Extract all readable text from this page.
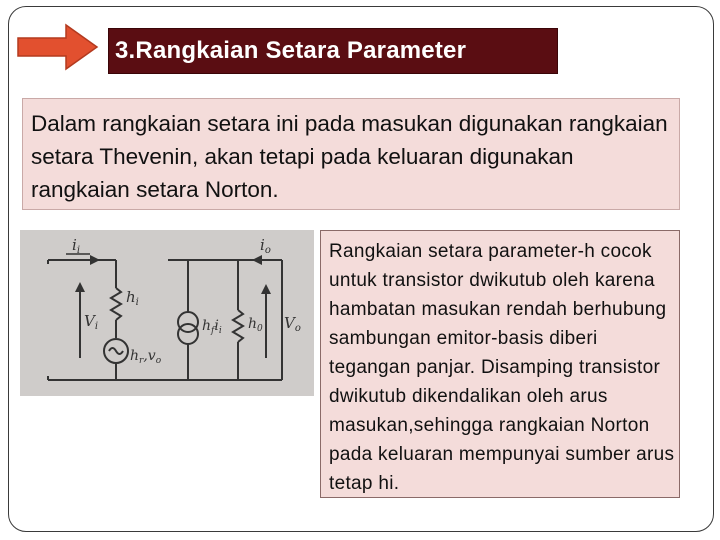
3.Rangkaian Setara Parameter
Dalam rangkaian setara ini pada masukan digunakan rangkaian setara Thevenin, akan tetapi pada keluaran digunakan rangkaian setara Norton.
$i_i$	$i_o$
$h_i$
$V_i$	$h_fi_i$ $h_0$ $V_o$
$h_r,v_o$
Rangkaian setara parameter-h cocok untuk transistor dwikutub oleh karena hambatan masukan rendah berhubung sambungan emitor-basis diberi tegangan panjar. Disamping transistor dwikutub dikendalikan oleh arus masukan,sehingga rangkaian Norton pada keluaran mempunyai sumber arus tetap hi.
